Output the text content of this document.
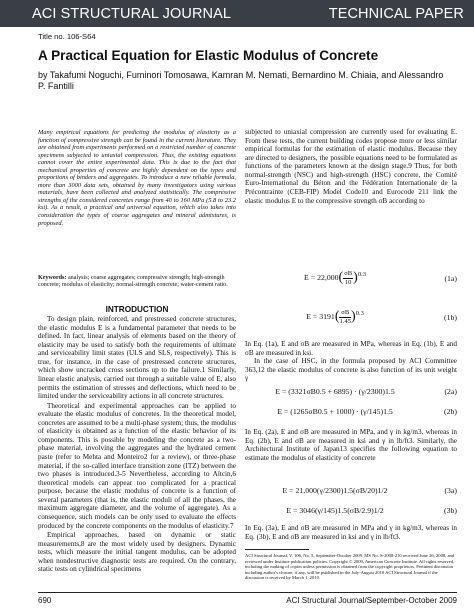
ACI STRUCTURAL JOURNAL	TECHNICAL PAPER
Title no. 106-S64
A Practical Equation for Elastic Modulus of Concrete
by Takafumi Noguchi, Fuminori Tomosawa, Kamran M. Nemati, Bernardino M. Chiaia, and Alessandro P. Fantilli
Many empirical equations for predicting the modulus of elasticity as a function of compressive strength can be found in the current literature. They are obtained from experiments performed on a restricted number of concrete specimens subjected to uniaxial compression. Thus, the existing equations cannot cover the entire experimental data. This is due to the fact that mechanical properties of concrete are highly dependent on the types and proportions of binders and aggregates. To introduce a new reliable formula, more than 3000 data sets, obtained by many investigators using various materials, have been collected and analyzed statistically. The compressive strengths of the considered concretes range from 40 to 160 MPa (5.8 to 23.2 ksi). As a result, a practical and universal equation, which also takes into consideration the types of coarse aggregates and mineral admixtures, is proposed.
Keywords: analysis; coarse aggregates; compressive strength; high-strength concrete; modulus of elasticity; normal-strength concrete; water-cement ratio.
INTRODUCTION

To design plain, reinforced, and prestressed concrete structures, the elastic modulus E is a fundamental parameter that needs to be defined. In fact, linear analysis of elements based on the theory of elasticity may be used to satisfy both the requirements of ultimate and serviceability limit states (ULS and SLS, respectively). This is true, for instance, in the case of prestressed concrete structures, which show uncracked cross sections up to the failure.1 Similarly, linear elastic analysis, carried out through a suitable value of E, also permits the estimation of stresses and deflections, which need to be limited under the serviceability actions in all concrete structures.

Theoretical and experimental approaches can be applied to evaluate the elastic modulus of concretes. In the theoretical model, concretes are assumed to be a multi-phase system; thus, the modulus of elasticity is obtained as a function of the elastic behavior of its components. This is possible by modeling the concrete as a two-phase material, involving the aggregates and the hydrated cement paste (refer to Mehta and Monteiro2 for a review), or three-phase material, if the so-called interface transition zone (ITZ) between the two phases is introduced.3-5 Nevertheless, according to Aïtcin,6 theoretical models can appear too complicated for a practical purpose, because the elastic modulus of concrete is a function of several parameters (that is, the elastic moduli of all the phases, the maximum aggregate diameter, and the volume of aggregate). As a consequence, such models can be only used to evaluate the effects produced by the concrete components on the modulus of elasticity.7

Empirical approaches, based on dynamic or static measurements,8 are the most widely used by designers. Dynamic tests, which measure the initial tangent modulus, can be adopted when nondestructive diagnostic tests are required. On the contrary, static tests on cylindrical specimens

subjected to uniaxial compression are currently used for evaluating E. From these tests, the current building codes propose more or less similar empirical formulas for the estimation of elastic modulus. Because they are directed to designers, the possible equations need to be formulated as functions of the parameters known at the design stage.9 Thus, for both normal-strength (NSC) and high-strength (HSC) concrete, the Comité Euro-International du Béton and the Fédération Internationale de la Précontrainte (CEB-FIP) Model Code10 and Eurocode 211 link the elastic modulus E to the compressive strength σB according to

$E = 22,000( \frac{\sigma B}{10} )^{0.3}$	(1a)
$E = 3191( \frac{\sigma B}{1.45} )^{0.3}$	(1b)

In Eq. (1a), E and σB are measured in MPa, whereas in Eq. (1b), E and σB are measured in ksi.

In the case of HSC, in the formula proposed by ACI Committee 363,12 the elastic modulus of concrete is also function of its unit weight γ

E = (3321σB0.5 + 6895) · (γ/2300)1.5	(2a)
E = (1265σB0.5 + 1000) · (γ/145)1.5	(2b)

In Eq. (2a), E and σB are measured in MPa, and γ in kg/m3, whereas in Eq. (2b), E and σB are measured in ksi and γ in lb/ft3. Similarly, the Architectural Institute of Japan13 specifies the following equation to estimate the modulus of elasticity of concrete

E = 21,000(γ/2300)1.5(σB/20)1/2	(3a)
E = 3046(γ/145)1.5(σB/2.9)1/2	(3b)

In Eq. (3a), E and σB are measured in MPa and γ in kg/m3, whereas in Eq. (3b), E and σB are measured in ksi and γ in lb/ft3.

ACI Structural Journal, V. 106, No. 5, September-October 2009. MS No. S-2008-210 received June 26, 2008, and reviewed under Institute publication policies. Copyright © 2009, American Concrete Institute. All rights reserved, including the making of copies unless permission is obtained from the copyright proprietors. Pertinent discussion including author's closure, if any, will be published in the July-August 2010 ACI Structural Journal if the discussion is received by March 1, 2010.
690	ACI Structural Journal/September-October 2009
